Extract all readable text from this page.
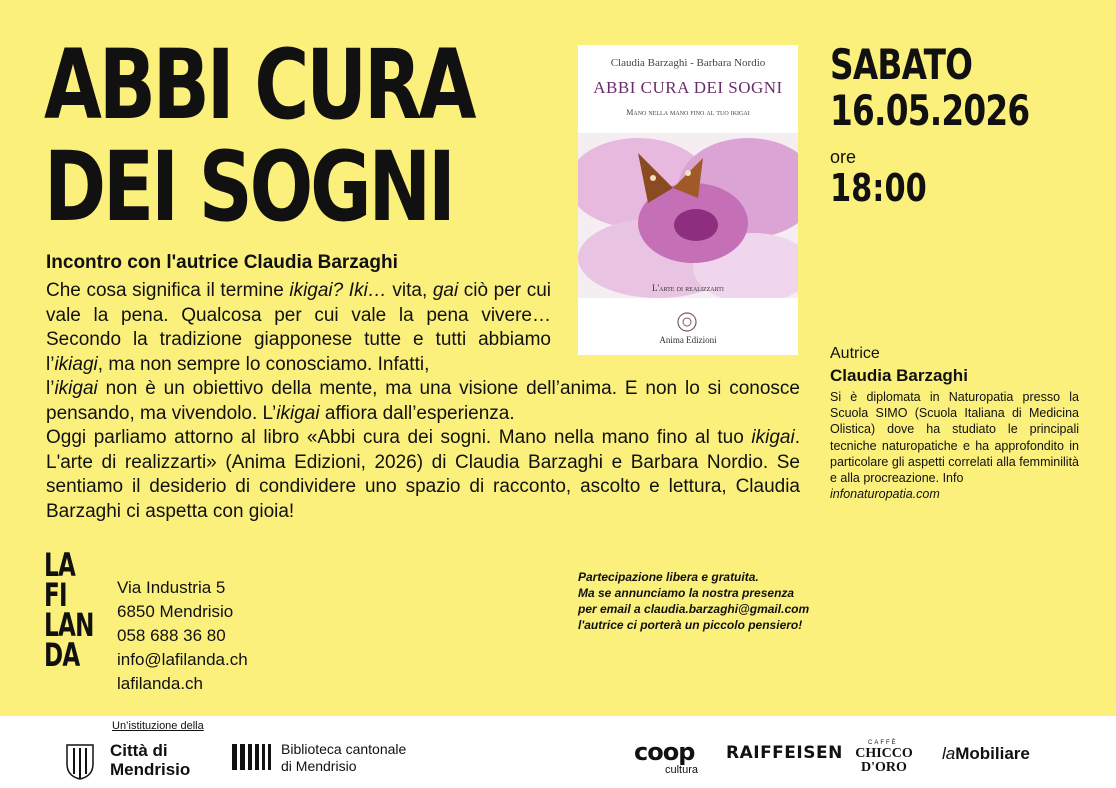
ABBI CURA
DEI SOGNI
Incontro con l'autrice Claudia Barzaghi

Che cosa significa il termine ikigai? Iki… vita, gai ciò per cui vale la pena. Qualcosa per cui vale la pena vivere… Secondo la tradizione giapponese tutte e tutti abbiamo l’ikiagi, ma non sempre lo conosciamo. Infatti,

l’ikigai non è un obiettivo della mente, ma una visione dell’anima. E non lo si conosce pensando, ma vivendolo. L’ikigai affiora dall’esperienza.

Oggi parliamo attorno al libro «Abbi cura dei sogni. Mano nella mano fino al tuo ikigai. L'arte di realizzarti» (Anima Edizioni, 2026) di Claudia Barzaghi e Barbara Nordio. Se sentiamo il desiderio di condividere uno spazio di racconto, ascolto e lettura, Claudia Barzaghi ci aspetta con gioia!

Claudia Barzaghi - Barbara Nordio
ABBI CURA DEI SOGNI
Mano nella mano fino al tuo ikigai
L'arte di realizzarti
Anima Edizioni
SABATO
16.05.2026
ore
18:00
Autrice
Claudia Barzaghi
Si è diplomata in Naturopatia presso la Scuola SIMO (Scuola Italiana di Medicina Olistica) dove ha studiato le principali tecniche naturopatiche e ha approfondito in particolare gli aspetti correlati alla femminilità e alla procreazione. Info
infonaturopatia.com
LA
FI
LAN
DA
Via Industria 5
6850 Mendrisio
058 688 36 80
info@lafilanda.ch
lafilanda.ch
Partecipazione libera e gratuita.
Ma se annunciamo la nostra presenza
per email a claudia.barzaghi@gmail.com
l'autrice ci porterà un piccolo pensiero!
Un’istituzione della
Città di
Mendrisio
Biblioteca cantonale
di Mendrisio	coop
cultura
RAIFFEISEN	CAFFÈ
CHICCO
D'ORO
laMobiliare
